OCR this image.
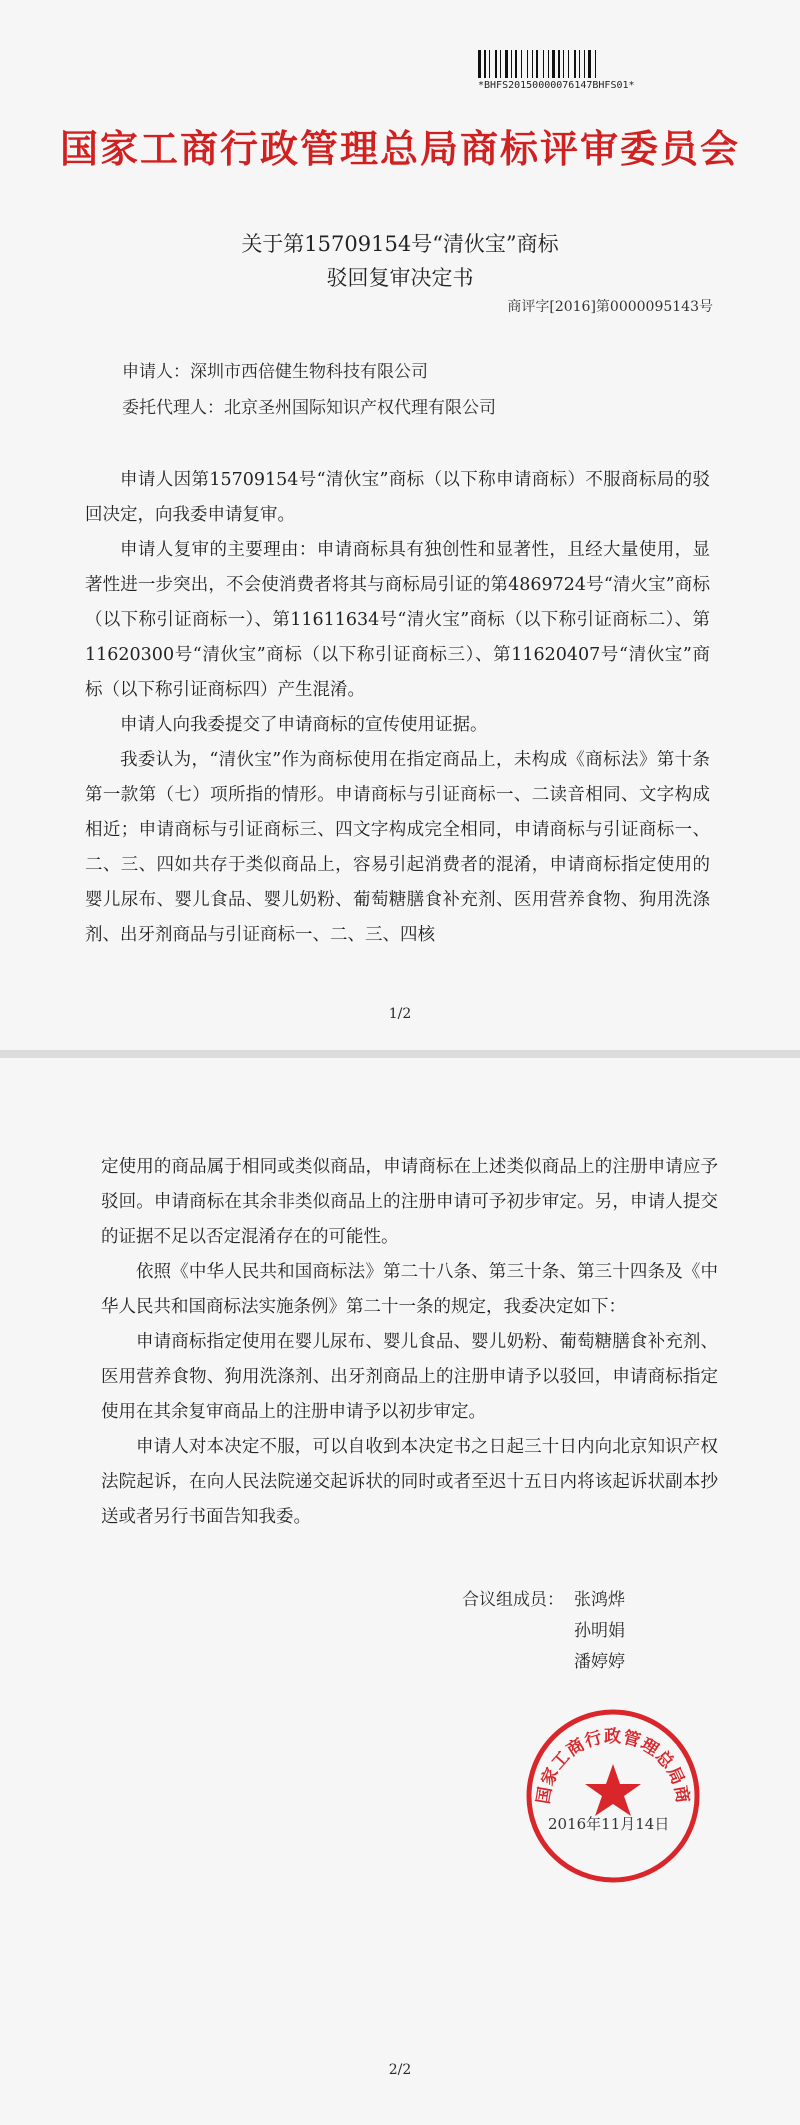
*BHFS20150000076147BHFS01*
国家工商行政管理总局商标评审委员会
关于第15709154号“清伙宝”商标
驳回复审决定书
商评字[2016]第0000095143号
申请人：深圳市西倍健生物科技有限公司
委托代理人：北京圣州国际知识产权代理有限公司

申请人因第15709154号“清伙宝”商标（以下称申请商标）不服商标局的驳回决定，向我委申请复审。

申请人复审的主要理由：申请商标具有独创性和显著性，且经大量使用，显著性进一步突出，不会使消费者将其与商标局引证的第4869724号“清火宝”商标（以下称引证商标一）、第11611634号“清火宝”商标（以下称引证商标二）、第11620300号“清伙宝”商标（以下称引证商标三）、第11620407号“清伙宝”商标（以下称引证商标四）产生混淆。

申请人向我委提交了申请商标的宣传使用证据。

我委认为，“清伙宝”作为商标使用在指定商品上，未构成《商标法》第十条第一款第（七）项所指的情形。申请商标与引证商标一、二读音相同、文字构成相近；申请商标与引证商标三、四文字构成完全相同，申请商标与引证商标一、二、三、四如共存于类似商品上，容易引起消费者的混淆，申请商标指定使用的婴儿尿布、婴儿食品、婴儿奶粉、葡萄糖膳食补充剂、医用营养食物、狗用洗涤剂、出牙剂商品与引证商标一、二、三、四核

1/2

定使用的商品属于相同或类似商品，申请商标在上述类似商品上的注册申请应予驳回。申请商标在其余非类似商品上的注册申请可予初步审定。另，申请人提交的证据不足以否定混淆存在的可能性。

依照《中华人民共和国商标法》第二十八条、第三十条、第三十四条及《中华人民共和国商标法实施条例》第二十一条的规定，我委决定如下：

申请商标指定使用在婴儿尿布、婴儿食品、婴儿奶粉、葡萄糖膳食补充剂、医用营养食物、狗用洗涤剂、出牙剂商品上的注册申请予以驳回，申请商标指定使用在其余复审商品上的注册申请予以初步审定。

申请人对本决定不服，可以自收到本决定书之日起三十日内向北京知识产权法院起诉，在向人民法院递交起诉状的同时或者至迟十五日内将该起诉状副本抄送或者另行书面告知我委。

合议组成员： 张鸿烨
孙明娟
潘婷婷
国家工商行政管理总局商
2016年11月14日
2/2
